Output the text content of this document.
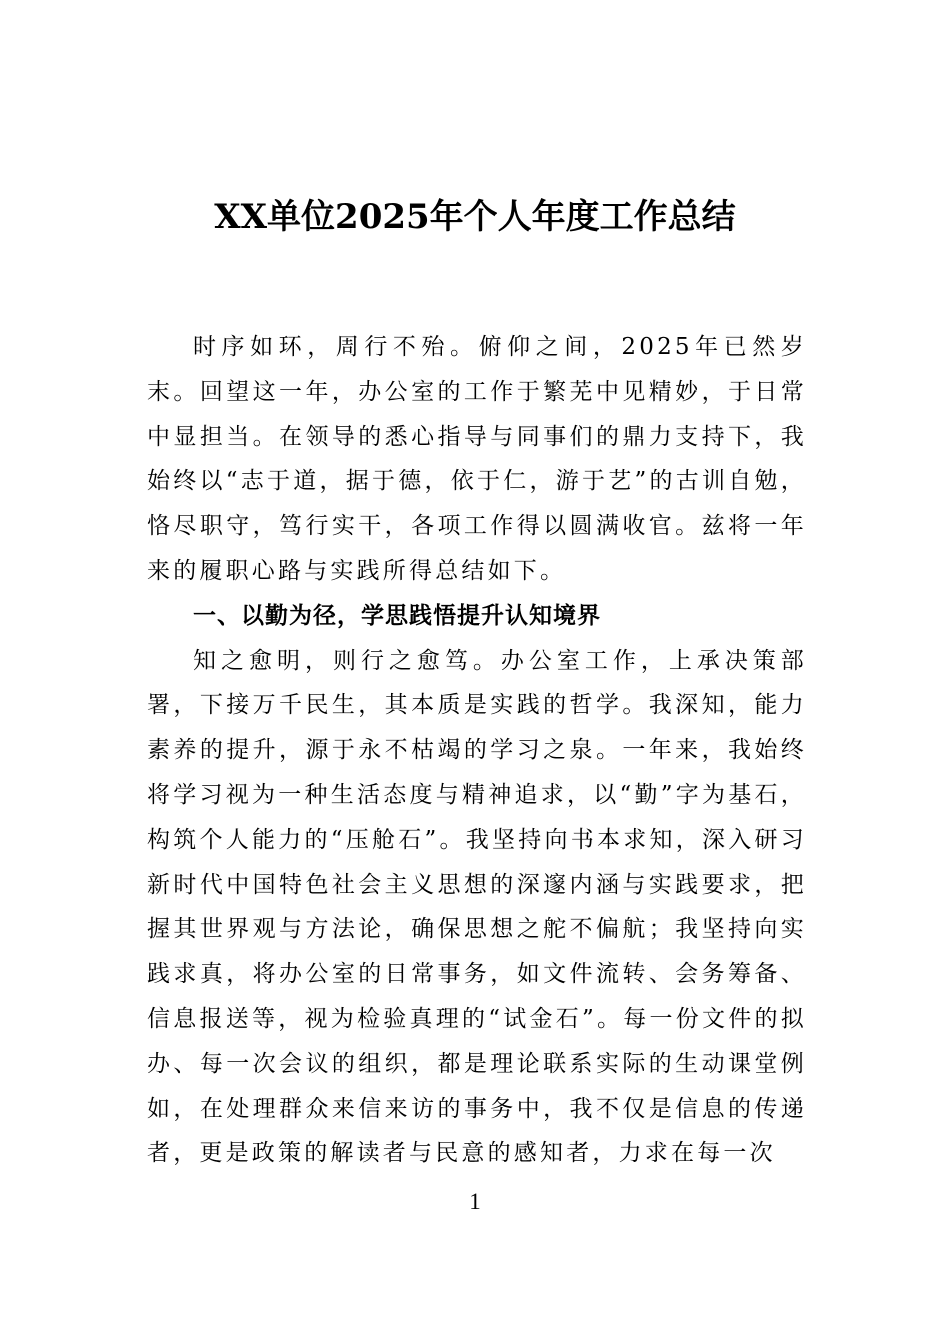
XX单位2025年个人年度工作总结

时序如环，周行不殆。俯仰之间，2025年已然岁末。回望这一年，办公室的工作于繁芜中见精妙，于日常中显担当。在领导的悉心指导与同事们的鼎力支持下，我始终以“志于道，据于德，依于仁，游于艺”的古训自勉，恪尽职守，笃行实干，各项工作得以圆满收官。兹将一年来的履职心路与实践所得总结如下。

一、以勤为径，学思践悟提升认知境界

知之愈明，则行之愈笃。办公室工作，上承决策部署，下接万千民生，其本质是实践的哲学。我深知，能力素养的提升，源于永不枯竭的学习之泉。一年来，我始终将学习视为一种生活态度与精神追求，以“勤”字为基石，构筑个人能力的“压舱石”。我坚持向书本求知，深入研习新时代中国特色社会主义思想的深邃内涵与实践要求，把握其世界观与方法论，确保思想之舵不偏航；我坚持向实践求真，将办公室的日常事务，如文件流转、会务筹备、信息报送等，视为检验真理的“试金石”。每一份文件的拟办、每一次会议的组织，都是理论联系实际的生动课堂例如，在处理群众来信来访的事务中，我不仅是信息的传递者，更是政策的解读者与民意的感知者，力求在每一次

1
